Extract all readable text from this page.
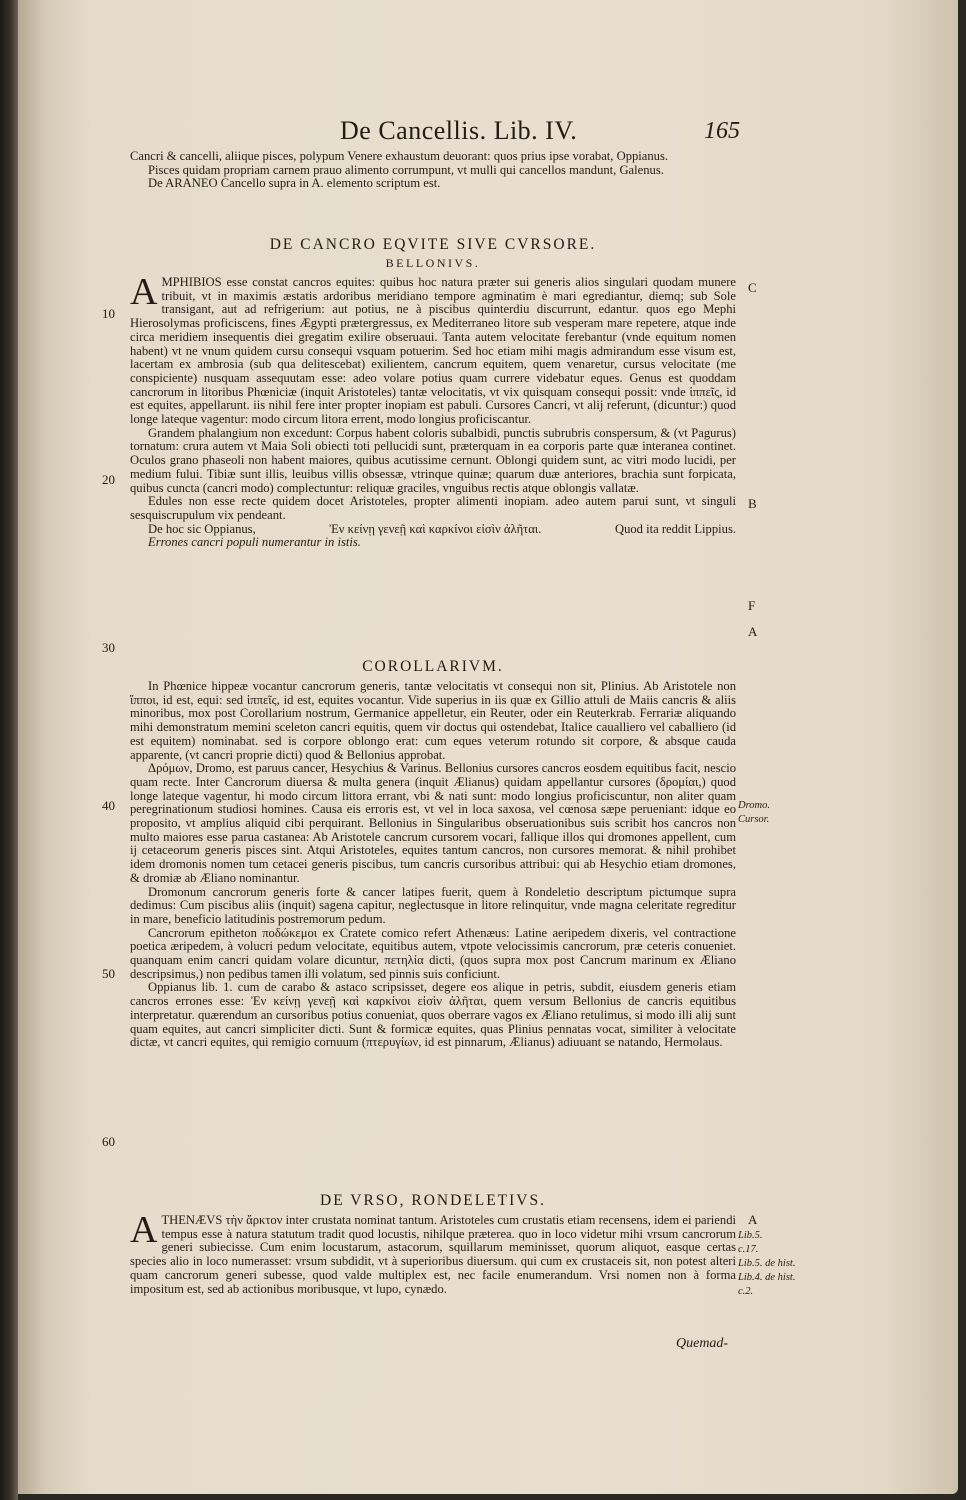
De Cancellis. Lib. IV.	165

Cancri & cancelli, aliique pisces, polypum Venere exhaustum deuorant: quos prius ipse vorabat, Oppianus.

Pisces quidam propriam carnem prauo alimento corrumpunt, vt mulli qui cancellos mandunt, Galenus.

De ARANEO Cancello supra in A. elemento scriptum est.

DE CANCRO EQVITE SIVE CVRSORE.
BELLONIVS.

AMPHIBIOS esse constat cancros equites: quibus hoc natura præter sui generis alios singulari quodam munere tribuit, vt in maximis æstatis ardoribus meridiano tempore agminatim è mari egrediantur, diemq; sub Sole transigant, aut ad refrigerium: aut potius, ne à piscibus quinterdiu discurrunt, edantur. quos ego Mephi Hierosolymas proficiscens, fines Ægypti prætergressus, ex Mediterraneo litore sub vesperam mare repetere, atque inde circa meridiem insequentis diei gregatim exilire obseruaui. Tanta autem velocitate ferebantur (vnde equitum nomen habent) vt ne vnum quidem cursu consequi vsquam potuerim. Sed hoc etiam mihi magis admirandum esse visum est, lacertam ex ambrosia (sub qua delitescebat) exilientem, cancrum equitem, quem venaretur, cursus velocitate (me conspiciente) nusquam assequutam esse: adeo volare potius quam currere videbatur eques. Genus est quoddam cancrorum in litoribus Phœniciæ (inquit Aristoteles) tantæ velocitatis, vt vix quisquam consequi possit: vnde ἱππεῖς, id est equites, appellarunt. iis nihil fere inter propter inopiam est pabuli. Cursores Cancri, vt alij referunt, (dicuntur:) quod longe lateque vagentur: modo circum litora errent, modo longius proficiscantur.

Grandem phalangium non excedunt: Corpus habent coloris subalbidi, punctis subrubris conspersum, & (vt Pagurus) tornatum: crura autem vt Maia Soli obiecti toti pellucidi sunt, præterquam in ea corporis parte quæ interanea continet. Oculos grano phaseoli non habent maiores, quibus acutissime cernunt. Oblongi quidem sunt, ac vitri modo lucidi, per medium fului. Tibiæ sunt illis, leuibus villis obsessæ, vtrinque quinæ; quarum duæ anteriores, brachia sunt forpicata, quibus cuncta (cancri modo) complectuntur: reliquæ graciles, vnguibus rectis atque oblongis vallatæ.

Edules non esse recte quidem docet Aristoteles, propter alimenti inopiam. adeo autem parui sunt, vt singuli sesquiscrupulum vix pendeant.

De hoc sic Oppianus,	Ἐν κείνῃ γενεῇ καὶ καρκίνοι εἰσὶν ἀλῆται.	Quod ita reddit Lippius.

Errones cancri populi numerantur in istis.

COROLLARIVM.

In Phœnice hippeæ vocantur cancrorum generis, tantæ velocitatis vt consequi non sit, Plinius. Ab Aristotele non ἵπποι, id est, equi: sed ἱππεῖς, id est, equites vocantur. Vide superius in iis quæ ex Gillio attuli de Maiis cancris & aliis minoribus, mox post Corollarium nostrum, Germanice appelletur, ein Reuter, oder ein Reuterkrab. Ferrariæ aliquando mihi demonstratum memini sceleton cancri equitis, quem vir doctus qui ostendebat, Italice caualliero vel caballiero (id est equitem) nominabat. sed is corpore oblongo erat: cum eques veterum rotundo sit corpore, & absque cauda apparente, (vt cancri proprie dicti) quod & Bellonius approbat.

Δρόμων, Dromo, est paruus cancer, Hesychius & Varinus. Bellonius cursores cancros eosdem equitibus facit, nescio quam recte. Inter Cancrorum diuersa & multa genera (inquit Ælianus) quidam appellantur cursores (δρομίαι,) quod longe lateque vagentur, hi modo circum littora errant, vbi & nati sunt: modo longius proficiscuntur, non aliter quam peregrinationum studiosi homines. Causa eis erroris est, vt vel in loca saxosa, vel cœnosa sæpe perueniant: idque eo proposito, vt amplius aliquid cibi perquirant. Bellonius in Singularibus obseruationibus suis scribit hos cancros non multo maiores esse parua castanea: Ab Aristotele cancrum cursorem vocari, fallique illos qui dromones appellent, cum ij cetaceorum generis pisces sint. Atqui Aristoteles, equites tantum cancros, non cursores memorat. & nihil prohibet idem dromonis nomen tum cetacei generis piscibus, tum cancris cursoribus attribui: qui ab Hesychio etiam dromones, & dromiæ ab Æliano nominantur.

Dromonum cancrorum generis forte & cancer latipes fuerit, quem à Rondeletio descriptum pictumque supra dedimus: Cum piscibus aliis (inquit) sagena capitur, neglectusque in litore relinquitur, vnde magna celeritate regreditur in mare, beneficio latitudinis postremorum pedum.

Cancrorum epitheton ποδώκεμοι ex Cratete comico refert Athenæus: Latine aeripedem dixeris, vel contractione poetica æripedem, à volucri pedum velocitate, equitibus autem, vtpote velocissimis cancrorum, præ ceteris conueniet. quanquam enim cancri quidam volare dicuntur, πετηλία dicti, (quos supra mox post Cancrum marinum ex Æliano descripsimus,) non pedibus tamen illi volatum, sed pinnis suis conficiunt.

Oppianus lib. 1. cum de carabo & astaco scripsisset, degere eos alique in petris, subdit, eiusdem generis etiam cancros errones esse: Ἐν κείνῃ γενεῇ καὶ καρκίνοι εἰσὶν ἀλῆται, quem versum Bellonius de cancris equitibus interpretatur. quærendum an cursoribus potius conueniat, quos oberrare vagos ex Æliano retulimus, si modo illi alij sunt quam equites, aut cancri simpliciter dicti. Sunt & formicæ equites, quas Plinius pennatas vocat, similiter à velocitate dictæ, vt cancri equites, qui remigio cornuum (πτερυγίων, id est pinnarum, Ælianus) adiuuant se natando, Hermolaus.

DE VRSO, RONDELETIVS.

ATHENÆVS τὴν ἄρκτον inter crustata nominat tantum. Aristoteles cum crustatis etiam recensens, idem ei pariendi tempus esse à natura statutum tradit quod locustis, nihilque præterea. quo in loco videtur mihi vrsum cancrorum generi subiecisse. Cum enim locustarum, astacorum, squillarum meminisset, quorum aliquot, easque certas species alio in loco numerasset: vrsum subdidit, vt à superioribus diuersum. qui cum ex crustaceis sit, non potest alteri quam cancrorum generi subesse, quod valde multiplex est, nec facile enumerandum. Vrsi nomen non à forma impositum est, sed ab actionibus moribusque, vt lupo, cynædo.

10
20
30
40
50
60
C
B
F
A
A
Dromo.
Cursor.
Lib.5.
c.17.
Lib.5. de hist.
Lib.4. de hist.
c.2.
Quemad-
